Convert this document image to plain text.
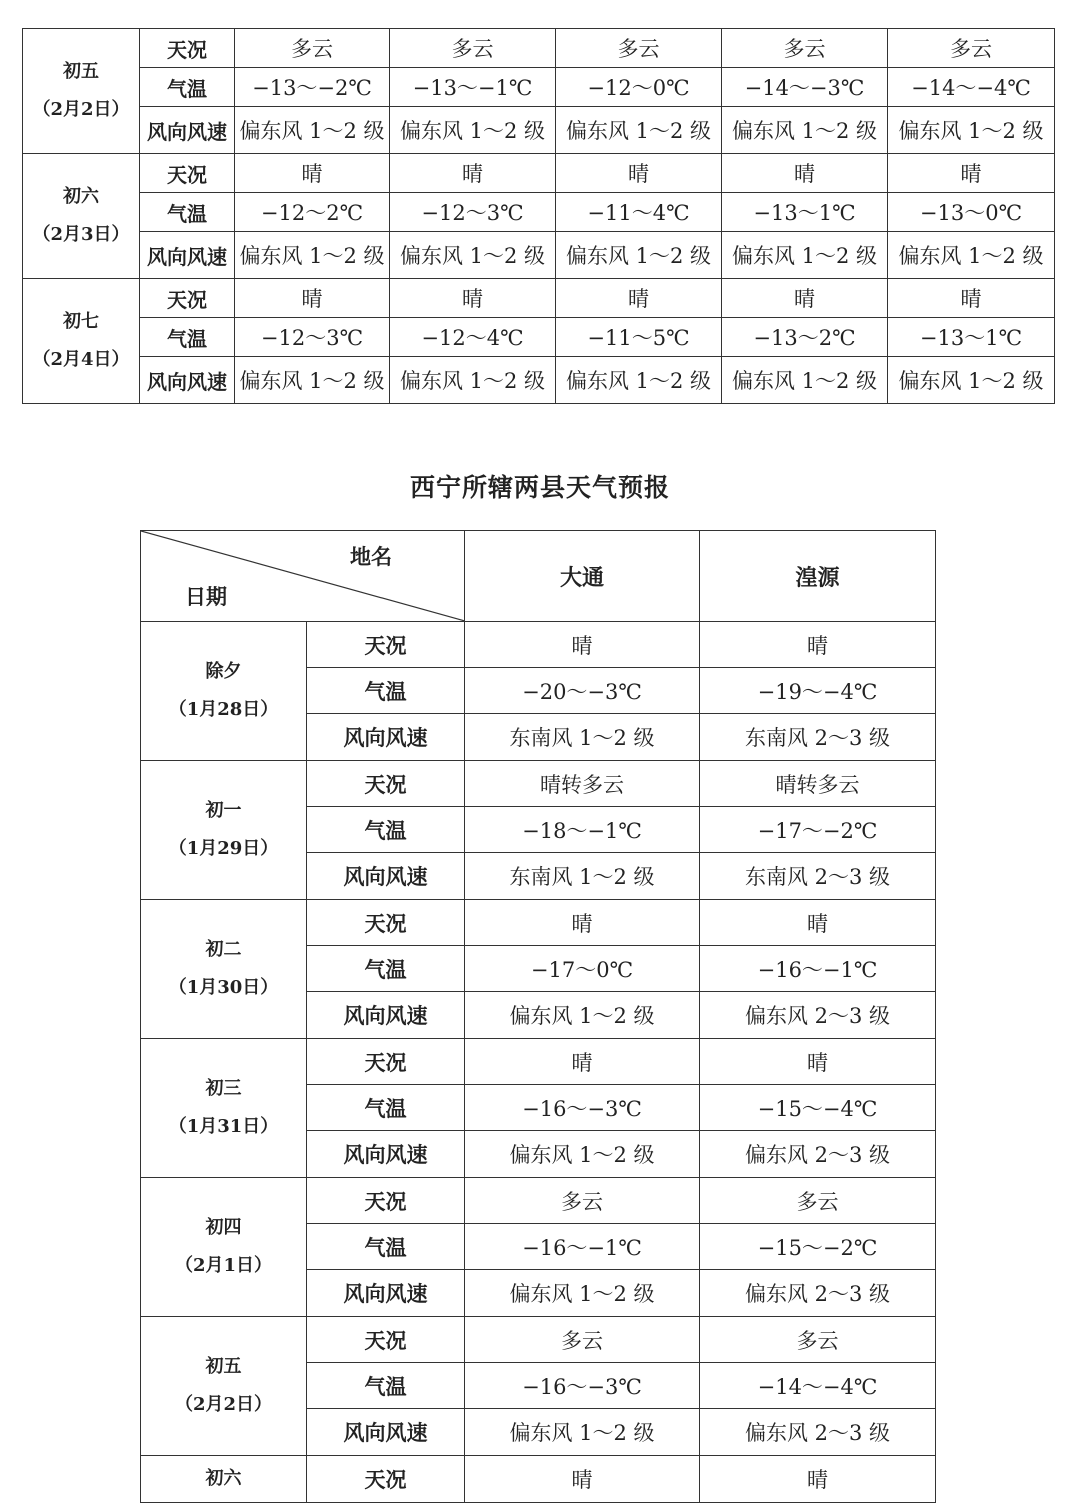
初五
（2月2日）	天况	多云	多云	多云	多云	多云
	气温	−13～−2℃	−13～−1℃	−12～0℃	−14～−3℃	−14～−4℃
	风向风速	偏东风 1～2 级	偏东风 1～2 级	偏东风 1～2 级	偏东风 1～2 级	偏东风 1～2 级

初六
（2月3日）	天况	晴	晴	晴	晴	晴
	气温	−12～2℃	−12～3℃	−11～4℃	−13～1℃	−13～0℃
	风向风速	偏东风 1～2 级	偏东风 1～2 级	偏东风 1～2 级	偏东风 1～2 级	偏东风 1～2 级

初七
（2月4日）	天况	晴	晴	晴	晴	晴
	气温	−12～3℃	−12～4℃	−11～5℃	−13～2℃	−13～1℃
	风向风速	偏东风 1～2 级	偏东风 1～2 级	偏东风 1～2 级	偏东风 1～2 级	偏东风 1～2 级
西宁所辖两县天气预报
地名
日期		大通	湟源

除夕
（1月28日）	天况	晴	晴
	气温	−20～−3℃	−19～−4℃
	风向风速	东南风 1～2 级	东南风 2～3 级

初一
（1月29日）	天况	晴转多云	晴转多云
	气温	−18～−1℃	−17～−2℃
	风向风速	东南风 1～2 级	东南风 2～3 级

初二
（1月30日）	天况	晴	晴
	气温	−17～0℃	−16～−1℃
	风向风速	偏东风 1～2 级	偏东风 2～3 级

初三
（1月31日）	天况	晴	晴
	气温	−16～−3℃	−15～−4℃
	风向风速	偏东风 1～2 级	偏东风 2～3 级

初四
（2月1日）	天况	多云	多云
	气温	−16～−1℃	−15～−2℃
	风向风速	偏东风 1～2 级	偏东风 2～3 级

初五
（2月2日）	天况	多云	多云
	气温	−16～−3℃	−14～−4℃
	风向风速	偏东风 1～2 级	偏东风 2～3 级
初六	天况	晴	晴
